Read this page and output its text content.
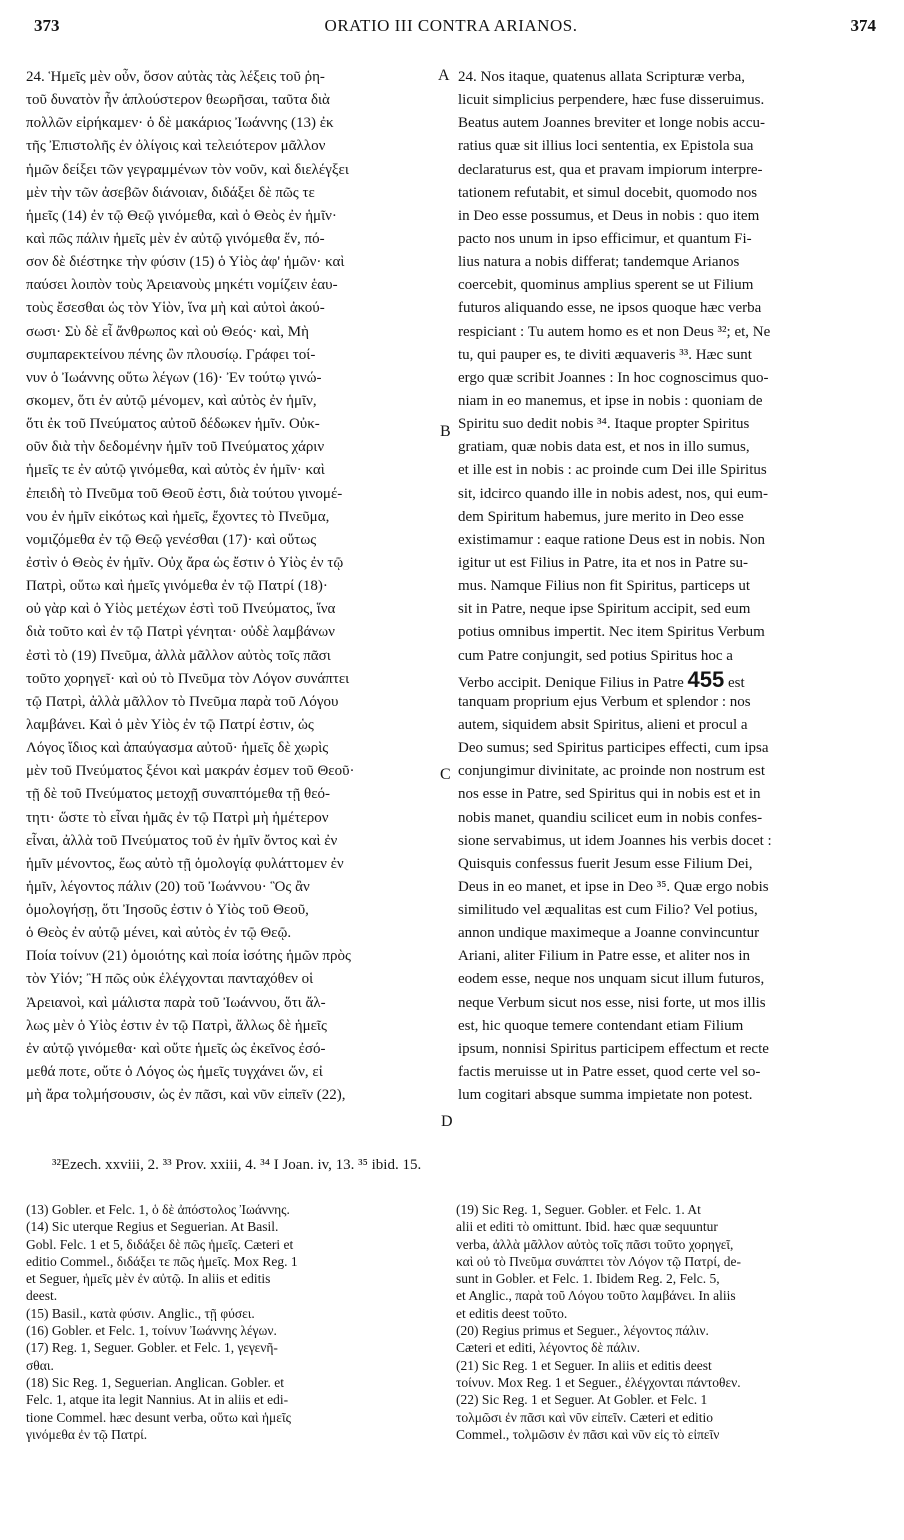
373	ORATIO III CONTRA ARIANOS.	374
24. Ἡμεῖς μὲν οὖν, ὅσον αὐτὰς τὰς λέξεις τοῦ ῥη-
τοῦ δυνατὸν ἦν ἁπλούστερον θεωρῆσαι, ταῦτα διὰ
πολλῶν εἰρήκαμεν· ὁ δὲ μακάριος Ἰωάννης (13) ἐκ
τῆς Ἐπιστολῆς ἐν ὀλίγοις καὶ τελειότερον μᾶλλον
ἡμῶν δείξει τῶν γεγραμμένων τὸν νοῦν, καὶ διελέγξει
μὲν τὴν τῶν ἀσεβῶν διάνοιαν, διδάξει δὲ πῶς τε
ἡμεῖς (14) ἐν τῷ Θεῷ γινόμεθα, καὶ ὁ Θεὸς ἐν ἡμῖν·
καὶ πῶς πάλιν ἡμεῖς μὲν ἐν αὐτῷ γινόμεθα ἕν, πό-
σον δὲ διέστηκε τὴν φύσιν (15) ὁ Υἱὸς ἀφ' ἡμῶν· καὶ
παύσει λοιπὸν τοὺς Ἀρειανοὺς μηκέτι νομίζειν ἑαυ-
τοὺς ἔσεσθαι ὡς τὸν Υἱὸν, ἵνα μὴ καὶ αὐτοὶ ἀκού-
σωσι· Σὺ δὲ εἶ ἄνθρωπος καὶ οὐ Θεός· καὶ, Μὴ
συμπαρεκτείνου πένης ὢν πλουσίῳ. Γράφει τοί-
νυν ὁ Ἰωάννης οὕτω λέγων (16)· Ἐν τούτῳ γινώ-
σκομεν, ὅτι ἐν αὐτῷ μένομεν, καὶ αὐτὸς ἐν ἡμῖν,
ὅτι ἐκ τοῦ Πνεύματος αὐτοῦ δέδωκεν ἡμῖν. Οὐκ-
οῦν διὰ τὴν δεδομένην ἡμῖν τοῦ Πνεύματος χάριν
ἡμεῖς τε ἐν αὐτῷ γινόμεθα, καὶ αὐτὸς ἐν ἡμῖν· καὶ
ἐπειδὴ τὸ Πνεῦμα τοῦ Θεοῦ ἐστι, διὰ τούτου γινομέ-
νου ἐν ἡμῖν εἰκότως καὶ ἡμεῖς, ἔχοντες τὸ Πνεῦμα,
νομιζόμεθα ἐν τῷ Θεῷ γενέσθαι (17)· καὶ οὕτως
ἐστὶν ὁ Θεὸς ἐν ἡμῖν. Οὐχ ἄρα ὡς ἔστιν ὁ Υἱὸς ἐν τῷ
Πατρὶ, οὕτω καὶ ἡμεῖς γινόμεθα ἐν τῷ Πατρί (18)·
οὐ γὰρ καὶ ὁ Υἱὸς μετέχων ἐστὶ τοῦ Πνεύματος, ἵνα
διὰ τοῦτο καὶ ἐν τῷ Πατρὶ γένηται· οὐδὲ λαμβάνων
ἐστὶ τὸ (19) Πνεῦμα, ἀλλὰ μᾶλλον αὐτὸς τοῖς πᾶσι
τοῦτο χορηγεῖ· καὶ οὐ τὸ Πνεῦμα τὸν Λόγον συνάπτει
τῷ Πατρὶ, ἀλλὰ μᾶλλον τὸ Πνεῦμα παρὰ τοῦ Λόγου
λαμβάνει. Καὶ ὁ μὲν Υἱὸς ἐν τῷ Πατρί ἐστιν, ὡς
Λόγος ἴδιος καὶ ἀπαύγασμα αὐτοῦ· ἡμεῖς δὲ χωρὶς
μὲν τοῦ Πνεύματος ξένοι καὶ μακράν ἐσμεν τοῦ Θεοῦ·
τῇ δὲ τοῦ Πνεύματος μετοχῇ συναπτόμεθα τῇ θεό-
τητι· ὥστε τὸ εἶναι ἡμᾶς ἐν τῷ Πατρὶ μὴ ἡμέτερον
εἶναι, ἀλλὰ τοῦ Πνεύματος τοῦ ἐν ἡμῖν ὄντος καὶ ἐν
ἡμῖν μένοντος, ἕως αὐτὸ τῇ ὁμολογίᾳ φυλάττομεν ἐν
ἡμῖν, λέγοντος πάλιν (20) τοῦ Ἰωάννου· Ὃς ἂν
ὁμολογήσῃ, ὅτι Ἰησοῦς ἐστιν ὁ Υἱὸς τοῦ Θεοῦ,
ὁ Θεὸς ἐν αὐτῷ μένει, καὶ αὐτὸς ἐν τῷ Θεῷ.
Ποία τοίνυν (21) ὁμοιότης καὶ ποία ἰσότης ἡμῶν πρὸς
τὸν Υἱόν; Ἢ πῶς οὐκ ἐλέγχονται πανταχόθεν οἱ
Ἀρειανοὶ, καὶ μάλιστα παρὰ τοῦ Ἰωάννου, ὅτι ἄλ-
λως μὲν ὁ Υἱὸς ἐστιν ἐν τῷ Πατρὶ, ἄλλως δὲ ἡμεῖς
ἐν αὐτῷ γινόμεθα· καὶ οὔτε ἡμεῖς ὡς ἐκεῖνος ἐσό-
μεθά ποτε, οὔτε ὁ Λόγος ὡς ἡμεῖς τυγχάνει ὤν, εἰ
μὴ ἄρα τολμήσουσιν, ὡς ἐν πᾶσι, καὶ νῦν εἰπεῖν (22),
A
B
C
D
24. Nos itaque, quatenus allata Scripturæ verba,
licuit simplicius perpendere, hæc fuse disseruimus.
Beatus autem Joannes breviter et longe nobis accu-
ratius quæ sit illius loci sententia, ex Epistola sua
declaraturus est, qua et pravam impiorum interpre-
tationem refutabit, et simul docebit, quomodo nos
in Deo esse possumus, et Deus in nobis : quo item
pacto nos unum in ipso efficimur, et quantum Fi-
lius natura a nobis differat; tandemque Arianos
coercebit, quominus amplius sperent se ut Filium
futuros aliquando esse, ne ipsos quoque hæc verba
respiciant : Tu autem homo es et non Deus ³²; et, Ne
tu, qui pauper es, te diviti æquaveris ³³. Hæc sunt
ergo quæ scribit Joannes : In hoc cognoscimus quo-
niam in eo manemus, et ipse in nobis : quoniam de
Spiritu suo dedit nobis ³⁴. Itaque propter Spiritus
gratiam, quæ nobis data est, et nos in illo sumus,
et ille est in nobis : ac proinde cum Dei ille Spiritus
sit, idcirco quando ille in nobis adest, nos, qui eum-
dem Spiritum habemus, jure merito in Deo esse
existimamur : eaque ratione Deus est in nobis. Non
igitur ut est Filius in Patre, ita et nos in Patre su-
mus. Namque Filius non fit Spiritus, particeps ut
sit in Patre, neque ipse Spiritum accipit, sed eum
potius omnibus impertit. Nec item Spiritus Verbum
cum Patre conjungit, sed potius Spiritus hoc a
Verbo accipit. Denique Filius in Patre 455 est
tanquam proprium ejus Verbum et splendor : nos
autem, siquidem absit Spiritus, alieni et procul a
Deo sumus; sed Spiritus participes effecti, cum ipsa
conjungimur divinitate, ac proinde non nostrum est
nos esse in Patre, sed Spiritus qui in nobis est et in
nobis manet, quandiu scilicet eum in nobis confes-
sione servabimus, ut idem Joannes his verbis docet :
Quisquis confessus fuerit Jesum esse Filium Dei,
Deus in eo manet, et ipse in Deo ³⁵. Quæ ergo nobis
similitudo vel æqualitas est cum Filio? Vel potius,
annon undique maximeque a Joanne convincuntur
Ariani, aliter Filium in Patre esse, et aliter nos in
eodem esse, neque nos unquam sicut illum futuros,
neque Verbum sicut nos esse, nisi forte, ut mos illis
est, hic quoque temere contendant etiam Filium
ipsum, nonnisi Spiritus participem effectum et recte
factis meruisse ut in Patre esset, quod certe vel so-
lum cogitari absque summa impietate non potest.
³²Ezech. xxviii, 2. ³³ Prov. xxiii, 4. ³⁴ I Joan. iv, 13. ³⁵ ibid. 15.
(13) Gobler. et Felc. 1, ὁ δὲ ἀπόστολος Ἰωάννης.
(14) Sic uterque Regius et Seguerian. At Basil.
Gobl. Felc. 1 et 5, διδάξει δὲ πῶς ἡμεῖς. Cæteri et
editio Commel., διδάξει τε πῶς ἡμεῖς. Mox Reg. 1
et Seguer, ἡμεῖς μὲν ἐν αὐτῷ. In aliis et editis
deest.
(15) Basil., κατὰ φύσιν. Anglic., τῇ φύσει.
(16) Gobler. et Felc. 1, τοίνυν Ἰωάννης λέγων.
(17) Reg. 1, Seguer. Gobler. et Felc. 1, γεγενῆ-
σθαι.
(18) Sic Reg. 1, Seguerian. Anglican. Gobler. et
Felc. 1, atque ita legit Nannius. At in aliis et edi-
tione Commel. hæc desunt verba, οὕτω καὶ ἡμεῖς
γινόμεθα ἐν τῷ Πατρί.
(19) Sic Reg. 1, Seguer. Gobler. et Felc. 1. At
alii et editi τὸ omittunt. Ibid. hæc quæ sequuntur
verba, ἀλλὰ μᾶλλον αὐτὸς τοῖς πᾶσι τοῦτο χορηγεῖ,
καὶ οὐ τὸ Πνεῦμα συνάπτει τὸν Λόγον τῷ Πατρί, de-
sunt in Gobler. et Felc. 1. Ibidem Reg. 2, Felc. 5,
et Anglic., παρὰ τοῦ Λόγου τοῦτο λαμβάνει. In aliis
et editis deest τοῦτο.
(20) Regius primus et Seguer., λέγοντος πάλιν.
Cæteri et editi, λέγοντος δὲ πάλιν.
(21) Sic Reg. 1 et Seguer. In aliis et editis deest
τοίνυν. Mox Reg. 1 et Seguer., ἐλέγχονται πάντοθεν.
(22) Sic Reg. 1 et Seguer. At Gobler. et Felc. 1
τολμῶσι ἐν πᾶσι καὶ νῦν εἰπεῖν. Cæteri et editio
Commel., τολμῶσιν ἐν πᾶσι καὶ νῦν εἰς τὸ εἰπεῖν
